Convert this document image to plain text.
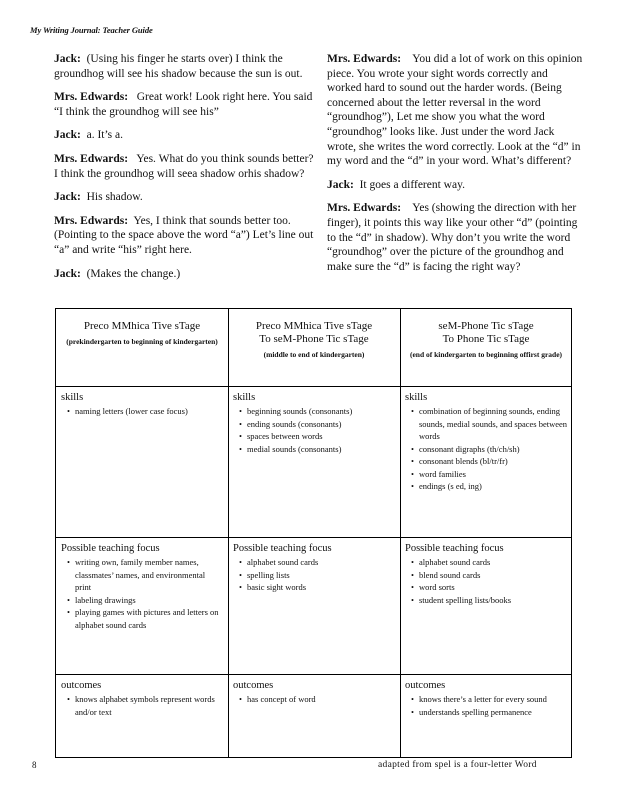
My Writing Journal: Teacher Guide

Jack: (Using his finger he starts over) I think the groundhog will see his shadow because the sun is out.

Mrs. Edwards: Great work! Look right here. You said “I think the groundhog will see his”

Jack: a. It’s a.

Mrs. Edwards: Yes. What do you think sounds better? I think the groundhog will seea shadow orhis shadow?

Jack: His shadow.

Mrs. Edwards: Yes, I think that sounds better too. (Pointing to the space above the word “a”) Let’s line out “a” and write “his” right here.

Jack: (Makes the change.)

Mrs. Edwards: You did a lot of work on this opinion piece. You wrote your sight words correctly and worked hard to sound out the harder words. (Being concerned about the letter reversal in the word “groundhog”), Let me show you what the word “groundhog” looks like. Just under the word Jack wrote, she writes the word correctly. Look at the “d” in my word and the “d” in your word. What’s different?

Jack: It goes a different way.

Mrs. Edwards: Yes (showing the direction with her finger), it points this way like your other “d” (pointing to the “d” in shadow). Why don’t you write the word “groundhog” over the picture of the groundhog and make sure the “d” is facing the right way?

Preco MMhica Tive sTage
(prekindergarten to beginning of kindergarten)
Preco MMhica Tive sTage
To seM-Phone Tic sTage
(middle to end of kindergarten)
seM-Phone Tic sTage
To Phone Tic sTage
(end of kindergarten to beginning offirst grade)
skills
• naming letters (lower case focus)
skills
• beginning sounds (consonants)
• ending sounds (consonants)
• spaces between words
• medial sounds (consonants)
skills
• combination of beginning sounds, ending sounds, medial sounds, and spaces between words
• consonant digraphs (th/ch/sh)
• consonant blends (bl/tr/fr)
• word families
• endings (s ed, ing)
Possible teaching focus
• writing own, family member names, classmates’ names, and environmental print
• labeling drawings
• playing games with pictures and letters on alphabet sound cards
Possible teaching focus
• alphabet sound cards
• spelling lists
• basic sight words
Possible teaching focus
• alphabet sound cards
• blend sound cards
• word sorts
• student spelling lists/books
outcomes
• knows alphabet symbols represent words and/or text
outcomes
• has concept of word
outcomes
• knows there’s a letter for every sound
• understands spelling permanence
8	adapted from spel is a four-letter Word
